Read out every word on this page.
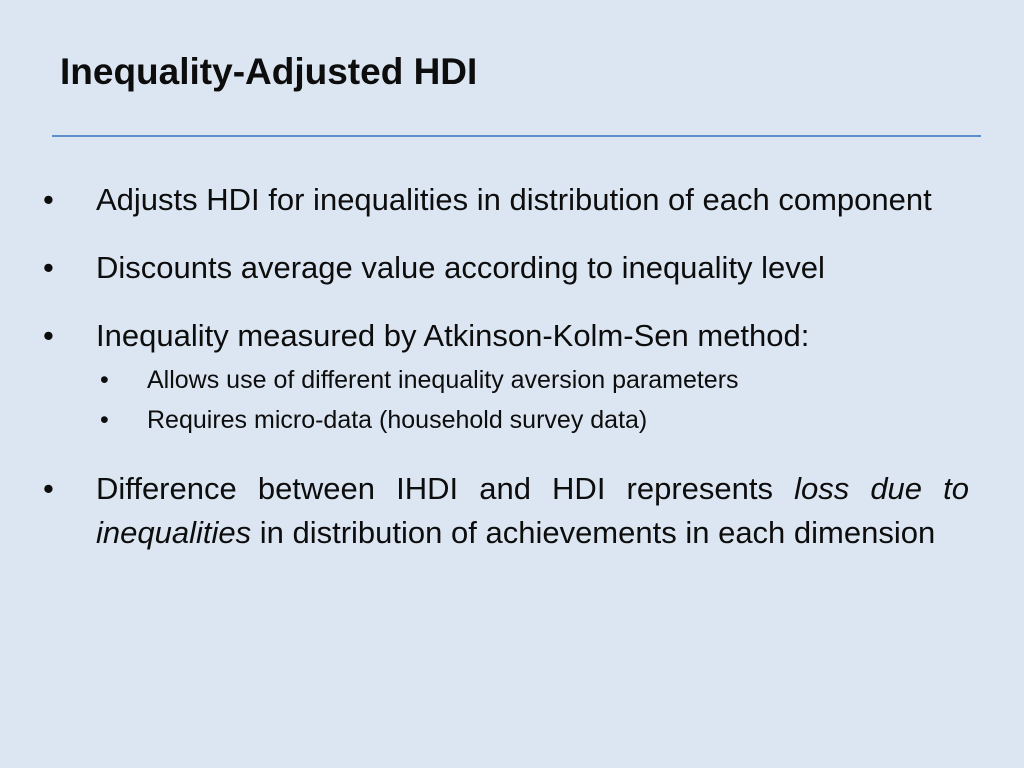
Inequality-Adjusted HDI
• Adjusts HDI for inequalities in distribution of each component
• Discounts average value according to inequality level
• Inequality measured by Atkinson-Kolm-Sen method:
• Allows use of different inequality aversion parameters
• Requires micro-data (household survey data)
• Difference between IHDI and HDI represents loss due to inequalities in distribution of achievements in each dimension
